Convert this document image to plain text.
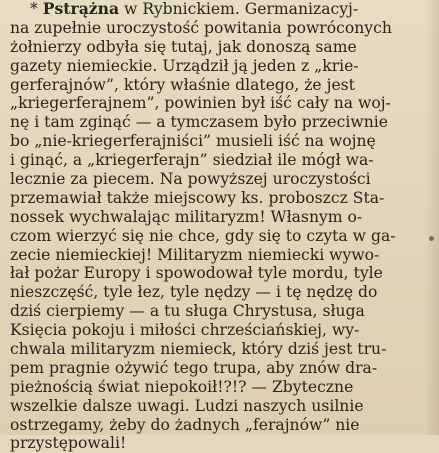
* Pstrążna w Rybnickiem. Germanizacyj-
na zupełnie uroczystość powitania powróconych
żołnierzy odbyła się tutaj, jak donoszą same
gazety niemieckie. Urządził ją jeden z „krie-
gerferajnów”, który właśnie dlatego, że jest
„kriegerferajnem”, powinien był iść cały na woj-
nę i tam zginąć — a tymczasem było przeciwnie
bo „nie-kriegerferajniści” musieli iść na wojnę
i ginąć, a „kriegerferajn” siedział ile mógł wa-
lecznie za piecem. Na powyższej uroczystości
przemawiał także miejscowy ks. proboszcz Sta-
nossek wychwalając militaryzm! Własnym o-
czom wierzyć się nie chce, gdy się to czyta w ga-
zecie niemieckiej! Militaryzm niemiecki wywo-
łał pożar Europy i spowodował tyle mordu, tyle
nieszczęść, tyle łez, tyle nędzy — i tę nędzę do
dziś cierpiemy — a tu sługa Chrystusa, sługa
Księcia pokoju i miłości chrześciańskiej, wy-
chwala militaryzm niemieck, który dziś jest tru-
pem pragnie ożywić tego trupa, aby znów dra-
pieżnością świat niepokoił!?!? — Zbyteczne
wszelkie dalsze uwagi. Ludzi naszych usilnie
ostrzegamy, żeby do żadnych „ferajnów” nie
przystępowali!
